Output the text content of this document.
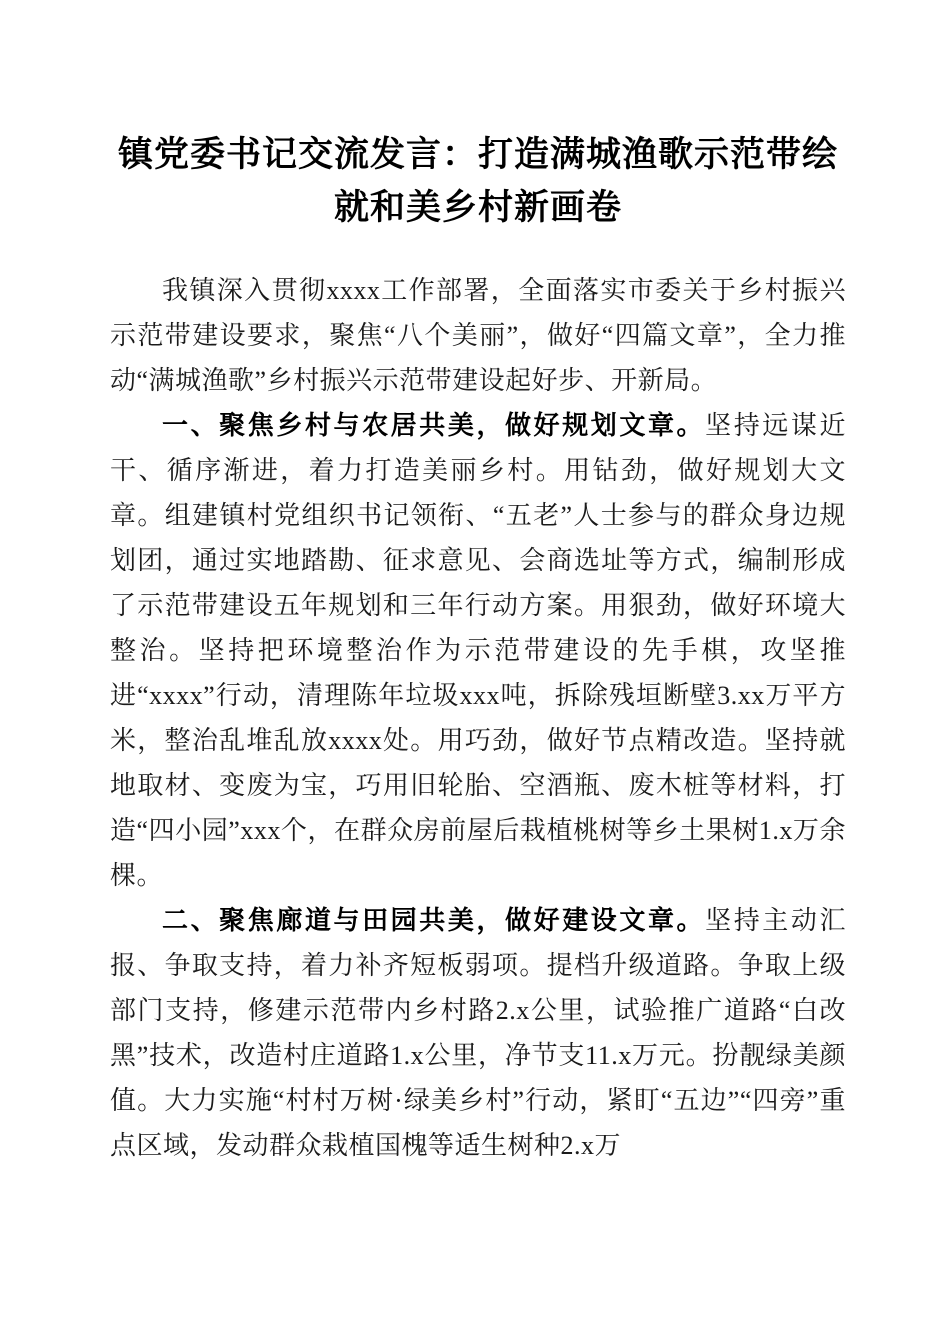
镇党委书记交流发言：打造满城渔歌示范带绘
就和美乡村新画卷

我镇深入贯彻xxxx工作部署，全面落实市委关于乡村振兴示范带建设要求，聚焦“八个美丽”，做好“四篇文章”，全力推动“满城渔歌”乡村振兴示范带建设起好步、开新局。

一、聚焦乡村与农居共美，做好规划文章。坚持远谋近干、循序渐进，着力打造美丽乡村。用钻劲，做好规划大文章。组建镇村党组织书记领衔、“五老”人士参与的群众身边规划团，通过实地踏勘、征求意见、会商选址等方式，编制形成了示范带建设五年规划和三年行动方案。用狠劲，做好环境大整治。坚持把环境整治作为示范带建设的先手棋，攻坚推进“xxxx”行动，清理陈年垃圾xxx吨，拆除残垣断壁3.xx万平方米，整治乱堆乱放xxxx处。用巧劲，做好节点精改造。坚持就地取材、变废为宝，巧用旧轮胎、空酒瓶、废木桩等材料，打造“四小园”xxx个，在群众房前屋后栽植桃树等乡土果树1.x万余棵。

二、聚焦廊道与田园共美，做好建设文章。坚持主动汇报、争取支持，着力补齐短板弱项。提档升级道路。争取上级部门支持，修建示范带内乡村路2.x公里，试验推广道路“白改黑”技术，改造村庄道路1.x公里，净节支11.x万元。扮靓绿美颜值。大力实施“村村万树·绿美乡村”行动，紧盯“五边”“四旁”重点区域，发动群众栽植国槐等适生树种2.x万
